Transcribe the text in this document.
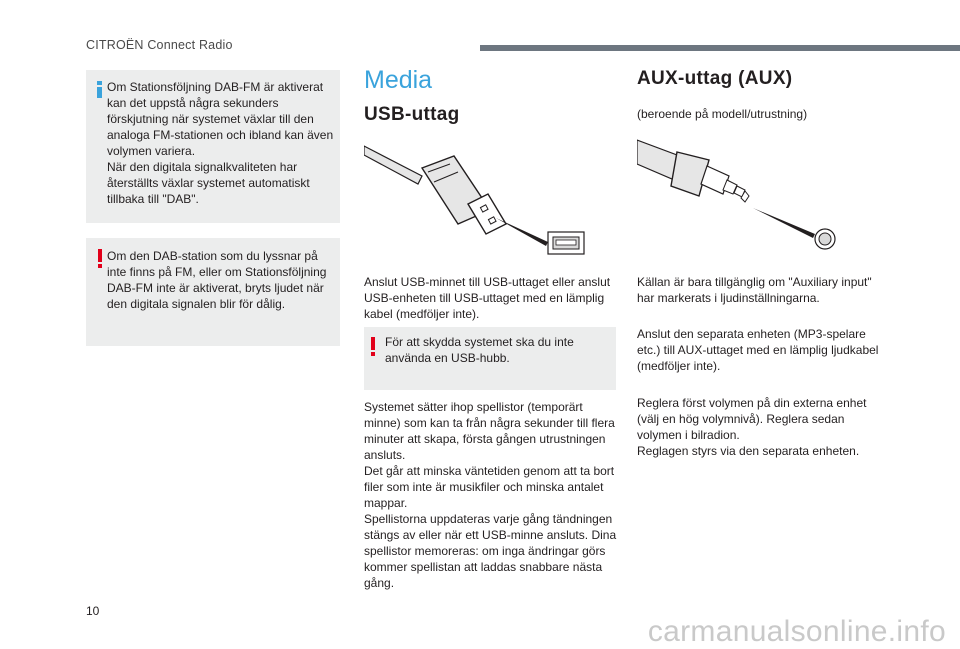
CITROËN Connect Radio

Om Stationsföljning DAB-FM är aktiverat
kan det uppstå några sekunders
förskjutning när systemet växlar till den
analoga FM-stationen och ibland kan även
volymen variera.
När den digitala signalkvaliteten har
återställts växlar systemet automatiskt
tillbaka till "DAB".

Om den DAB-station som du lyssnar på
inte finns på FM, eller om Stationsföljning
DAB-FM inte är aktiverat, bryts ljudet när
den digitala signalen blir för dålig.

Media
USB-uttag
Anslut USB-minnet till USB-uttaget eller anslut
USB-enheten till USB-uttaget med en lämplig
kabel (medföljer inte).

För att skydda systemet ska du inte
använda en USB-hubb.

Systemet sätter ihop spellistor (temporärt
minne) som kan ta från några sekunder till flera
minuter att skapa, första gången utrustningen
ansluts.
Det går att minska väntetiden genom att ta bort
filer som inte är musikfiler och minska antalet
mappar.
Spellistorna uppdateras varje gång tändningen
stängs av eller när ett USB-minne ansluts. Dina
spellistor memoreras: om inga ändringar görs
kommer spellistan att laddas snabbare nästa
gång.
AUX-uttag (AUX)
(beroende på modell/utrustning)
Källan är bara tillgänglig om "Auxiliary input"
har markerats i ljudinställningarna.
Anslut den separata enheten (MP3-spelare
etc.) till AUX-uttaget med en lämplig ljudkabel
(medföljer inte).
Reglera först volymen på din externa enhet
(välj en hög volymnivå). Reglera sedan
volymen i bilradion.
Reglagen styrs via den separata enheten.
10
carmanualsonline.info
